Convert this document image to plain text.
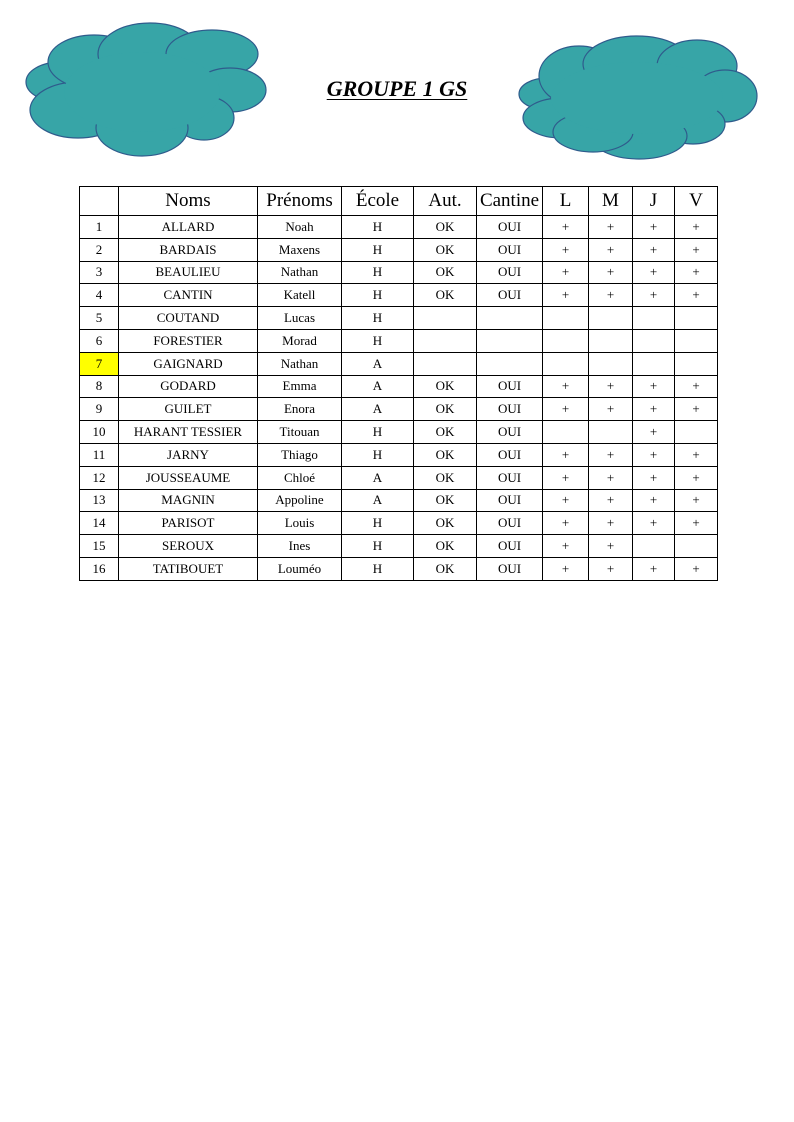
GROUPE 1 GS
	Noms	Prénoms	École	Aut.	Cantine	L	M	J	V
1	ALLARD	Noah	H	OK	OUI	+	+	+	+
2	BARDAIS	Maxens	H	OK	OUI	+	+	+	+
3	BEAULIEU	Nathan	H	OK	OUI	+	+	+	+
4	CANTIN	Katell	H	OK	OUI	+	+	+	+
5	COUTAND	Lucas	H						
6	FORESTIER	Morad	H						
7	GAIGNARD	Nathan	A						
8	GODARD	Emma	A	OK	OUI	+	+	+	+
9	GUILET	Enora	A	OK	OUI	+	+	+	+
10	HARANT TESSIER	Titouan	H	OK	OUI			+	
11	JARNY	Thiago	H	OK	OUI	+	+	+	+
12	JOUSSEAUME	Chloé	A	OK	OUI	+	+	+	+
13	MAGNIN	Appoline	A	OK	OUI	+	+	+	+
14	PARISOT	Louis	H	OK	OUI	+	+	+	+
15	SEROUX	Ines	H	OK	OUI	+	+		
16	TATIBOUET	Louméo	H	OK	OUI	+	+	+	+
